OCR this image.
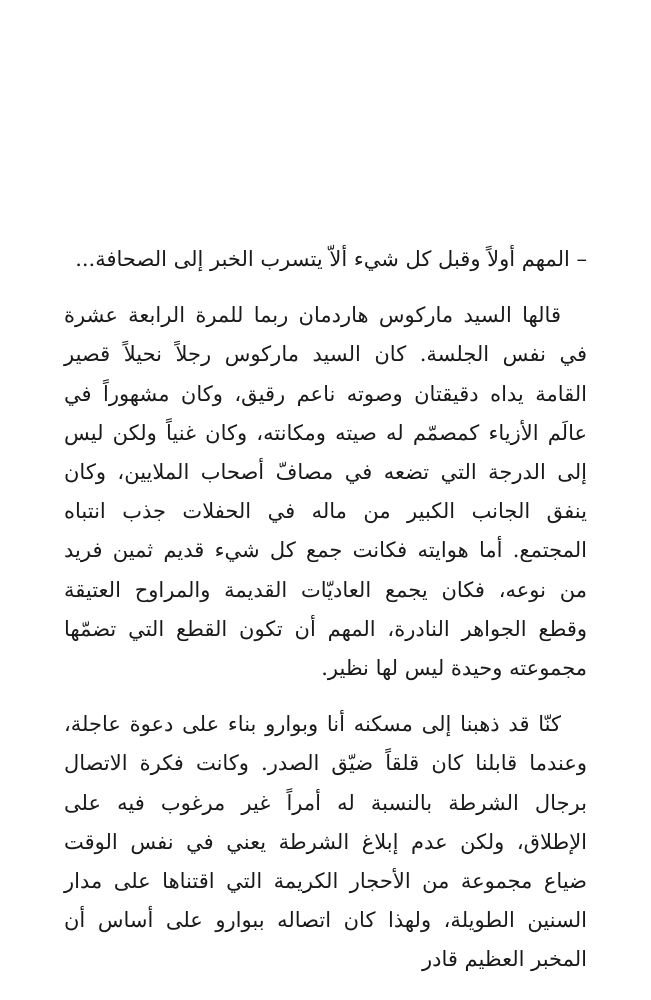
– المهم أولاً وقبل كل شيء ألاّ يتسرب الخبر إلى الصحافة...

قالها السيد ماركوس هاردمان ربما للمرة الرابعة عشرة في نفس الجلسة. كان السيد ماركوس رجلاً نحيلاً قصير القامة يداه دقيقتان وصوته ناعم رقيق، وكان مشهوراً في عالَم الأزياء كمصمّم له صيته ومكانته، وكان غنياً ولكن ليس إلى الدرجة التي تضعه في مصافّ أصحاب الملايين، وكان ينفق الجانب الكبير من ماله في الحفلات جذب انتباه المجتمع. أما هوايته فكانت جمع كل شيء قديم ثمين فريد من نوعه، فكان يجمع العاديّات القديمة والمراوح العتيقة وقطع الجواهر النادرة، المهم أن تكون القطع التي تضمّها مجموعته وحيدة ليس لها نظير.

كنّا قد ذهبنا إلى مسكنه أنا وبوارو بناء على دعوة عاجلة، وعندما قابلنا كان قلقاً ضيّق الصدر. وكانت فكرة الاتصال برجال الشرطة بالنسبة له أمراً غير مرغوب فيه على الإطلاق، ولكن عدم إبلاغ الشرطة يعني في نفس الوقت ضياع مجموعة من الأحجار الكريمة التي اقتناها على مدار السنين الطويلة، ولهذا كان اتصاله ببوارو على أساس أن المخبر العظيم قادر
